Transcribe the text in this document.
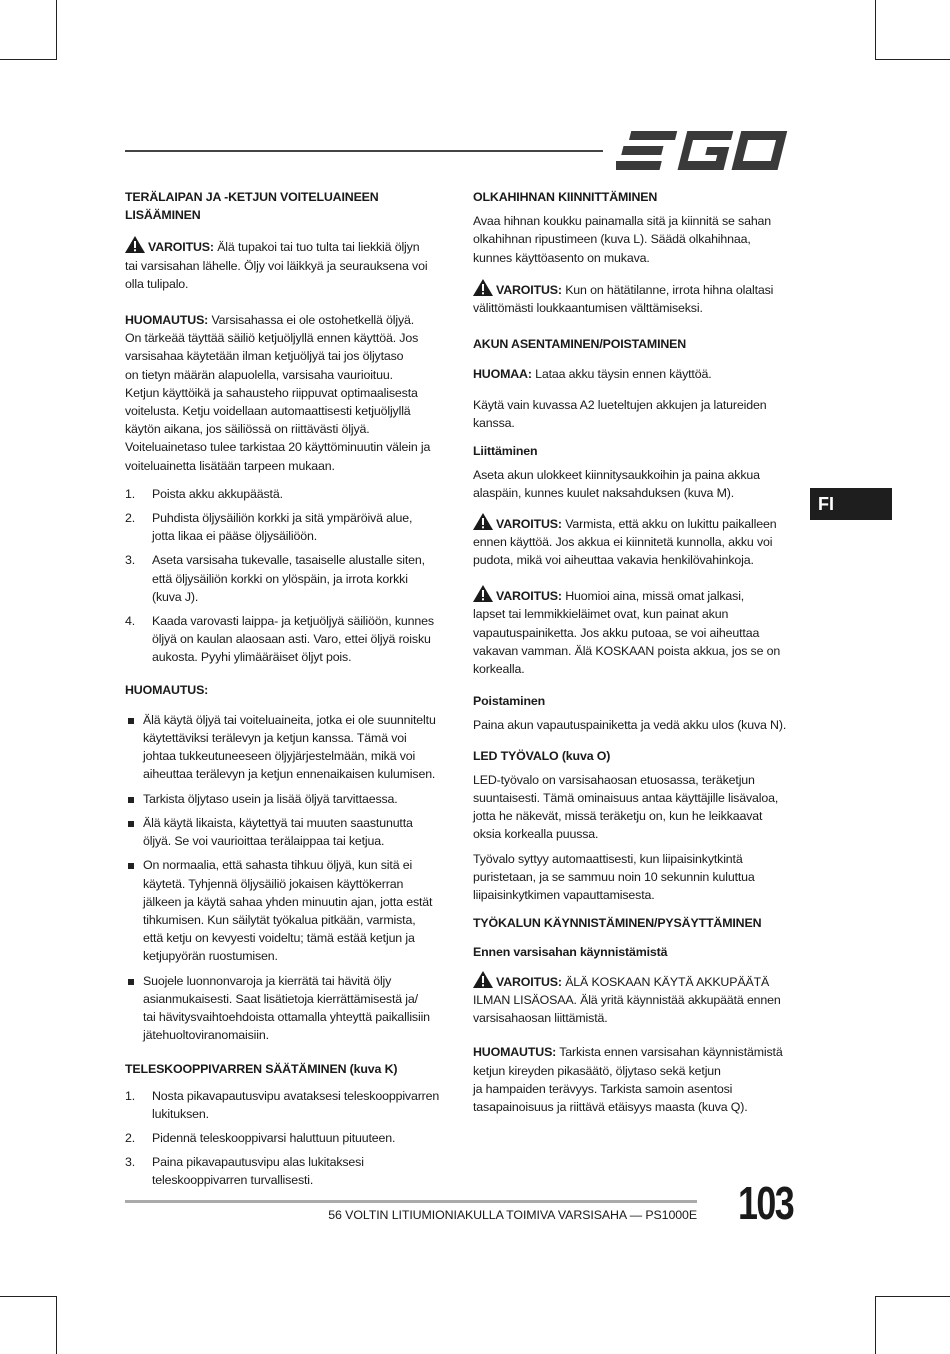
TERÄLAIPAN JA -KETJUN VOITELUAINEEN
LISÄÄMINEN

VAROITUS: Älä tupakoi tai tuo tulta tai liekkiä öljyn
tai varsisahan lähelle. Öljy voi läikkyä ja seurauksena voi
olla tulipalo.

HUOMAUTUS: Varsisahassa ei ole ostohetkellä öljyä.
On tärkeää täyttää säiliö ketjuöljyllä ennen käyttöä. Jos
varsisahaa käytetään ilman ketjuöljyä tai jos öljytaso
on tietyn määrän alapuolella, varsisaha vaurioituu.
Ketjun käyttöikä ja sahausteho riippuvat optimaalisesta
voitelusta. Ketju voidellaan automaattisesti ketjuöljyllä
käytön aikana, jos säiliössä on riittävästi öljyä.
Voiteluainetaso tulee tarkistaa 20 käyttöminuutin välein ja
voiteluainetta lisätään tarpeen mukaan.

1. Poista akku akkupäästä.
2. Puhdista öljysäiliön korkki ja sitä ympäröivä alue,
jotta likaa ei pääse öljysäiliöön.
3. Aseta varsisaha tukevalle, tasaiselle alustalle siten,
että öljysäiliön korkki on ylöspäin, ja irrota korkki
(kuva J).
4. Kaada varovasti laippa- ja ketjuöljyä säiliöön, kunnes
öljyä on kaulan alaosaan asti. Varo, ettei öljyä roisku
aukosta. Pyyhi ylimääräiset öljyt pois.

HUOMAUTUS:

Älä käytä öljyä tai voiteluaineita, jotka ei ole suunniteltu
käytettäviksi terälevyn ja ketjun kanssa. Tämä voi
johtaa tukkeutuneeseen öljyjärjestelmään, mikä voi
aiheuttaa terälevyn ja ketjun ennenaikaisen kulumisen.
Tarkista öljytaso usein ja lisää öljyä tarvittaessa.
Älä käytä likaista, käytettyä tai muuten saastunutta
öljyä. Se voi vaurioittaa terälaippaa tai ketjua.
On normaalia, että sahasta tihkuu öljyä, kun sitä ei
käytetä. Tyhjennä öljysäiliö jokaisen käyttökerran
jälkeen ja käytä sahaa yhden minuutin ajan, jotta estät
tihkumisen. Kun säilytät työkalua pitkään, varmista,
että ketju on kevyesti voideltu; tämä estää ketjun ja
ketjupyörän ruostumisen.
Suojele luonnonvaroja ja kierrätä tai hävitä öljy
asianmukaisesti. Saat lisätietoja kierrättämisestä ja/
tai hävitysvaihtoehdoista ottamalla yhteyttä paikallisiin
jätehuoltoviranomaisiin.

TELESKOOPPIVARREN SÄÄTÄMINEN (kuva K)

1. Nosta pikavapautusvipu avataksesi teleskooppivarren
lukituksen.
2. Pidennä teleskooppivarsi haluttuun pituuteen.
3. Paina pikavapautusvipu alas lukitaksesi
teleskooppivarren turvallisesti.

OLKAHIHNAN KIINNITTÄMINEN

Avaa hihnan koukku painamalla sitä ja kiinnitä se sahan
olkahihnan ripustimeen (kuva L). Säädä olkahihnaa,
kunnes käyttöasento on mukava.

VAROITUS: Kun on hätätilanne, irrota hihna olaltasi
välittömästi loukkaantumisen välttämiseksi.

AKUN ASENTAMINEN/POISTAMINEN

HUOMAA: Lataa akku täysin ennen käyttöä.

Käytä vain kuvassa A2 lueteltujen akkujen ja latureiden
kanssa.

Liittäminen

Aseta akun ulokkeet kiinnitysaukkoihin ja paina akkua
alaspäin, kunnes kuulet naksahduksen (kuva M).

VAROITUS: Varmista, että akku on lukittu paikalleen
ennen käyttöä. Jos akkua ei kiinnitetä kunnolla, akku voi
pudota, mikä voi aiheuttaa vakavia henkilövahinkoja.

VAROITUS: Huomioi aina, missä omat jalkasi,
lapset tai lemmikkieläimet ovat, kun painat akun
vapautuspainiketta. Jos akku putoaa, se voi aiheuttaa
vakavan vamman. Älä KOSKAAN poista akkua, jos se on
korkealla.

Poistaminen

Paina akun vapautuspainiketta ja vedä akku ulos (kuva N).

LED TYÖVALO (kuva O)

LED-työvalo on varsisahaosan etuosassa, teräketjun
suuntaisesti. Tämä ominaisuus antaa käyttäjille lisävaloa,
jotta he näkevät, missä teräketju on, kun he leikkaavat
oksia korkealla puussa.

Työvalo syttyy automaattisesti, kun liipaisinkytkintä
puristetaan, ja se sammuu noin 10 sekunnin kuluttua
liipaisinkytkimen vapauttamisesta.

TYÖKALUN KÄYNNISTÄMINEN/PYSÄYTTÄMINEN

Ennen varsisahan käynnistämistä

VAROITUS: ÄLÄ KOSKAAN KÄYTÄ AKKUPÄÄTÄ
ILMAN LISÄOSAA. Älä yritä käynnistää akkupäätä ennen
varsisahaosan liittämistä.

HUOMAUTUS: Tarkista ennen varsisahan käynnistämistä
ketjun kireyden pikasäätö, öljytaso sekä ketjun
ja hampaiden terävyys. Tarkista samoin asentosi
tasapainoisuus ja riittävä etäisyys maasta (kuva Q).

FI
56 VOLTIN LITIUMIONIAKULLA TOIMIVA VARSISAHA — PS1000E 103
